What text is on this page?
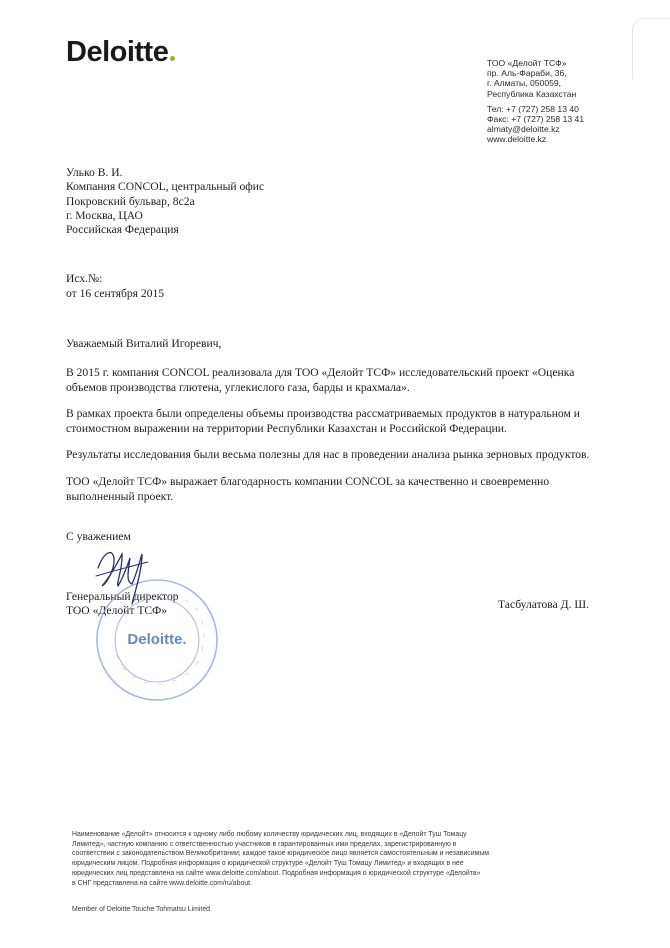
Deloitte	ТОО «Делойт ТСФ»
пр. Аль-Фараби, 36,
г. Алматы, 050059,
Республика Казахстан
Тел: +7 (727) 258 13 40
Факс: +7 (727) 258 13 41
almaty@deloitte.kz
www.deloitte.kz
Улько В. И.
Компания CONCOL, центральный офис
Покровский бульвар, 8с2а
г. Москва, ЦАО
Российская Федерация
Исх.№:
от 16 сентября 2015
Уважаемый Виталий Игоревич,

В 2015 г. компания CONCOL реализовала для ТОО «Делойт ТСФ» исследовательский проект «Оценка объемов производства глютена, углекислого газа, барды и крахмала».

В рамках проекта были определены объемы производства рассматриваемых продуктов в натуральном и стоимостном выражении на территории Республики Казахстан и Российской Федерации.

Результаты исследования были весьма полезны для нас в проведении анализа рынка зерновых продуктов.

ТОО «Делойт ТСФ» выражает благодарность компании CONCOL за качественно и своевременно выполненный проект.

С уважением
Генеральный директор
ТОО «Делойт ТСФ»	Тасбулатова Д. Ш.
Deloitte.
Наименование «Делойт» относится к одному либо любому количеству юридических лиц, входящих в «Делойт Туш Томацу
Лимитед», частную компанию с ответственностью участников в гарантированных ими пределах, зарегистрированную в
соответствии с законодательством Великобритании; каждое такое юридическое лицо является самостоятельным и независимым
юридическим лицом. Подробная информация о юридической структуре «Делойт Туш Томацу Лимитед» и входящих в нее
юридических лиц представлена на сайте www.deloitte.com/about. Подробная информация о юридической структуре «Делойта»
в СНГ представлена на сайте www.deloitte.com/ru/about.
Member of Deloitte Touche Tohmatsu Limited
